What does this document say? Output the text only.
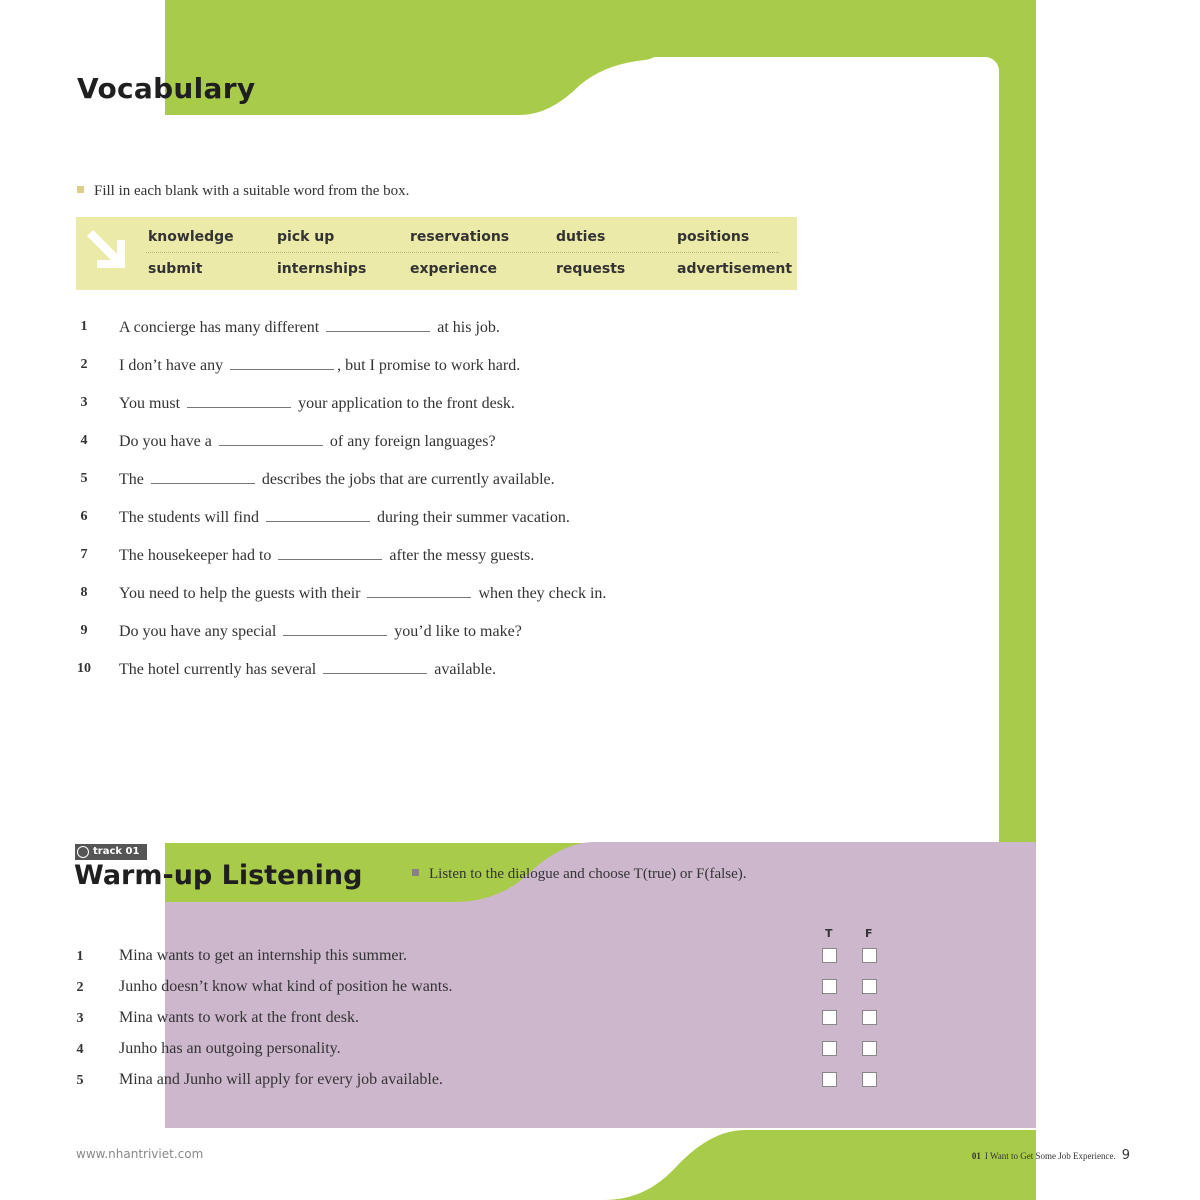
Vocabulary
Fill in each blank with a suitable word from the box.
knowledge	pick up	reservations	duties	positions
submit	internships	experience	requests	advertisement
1	A concierge has many different	at his job.
2	I don’t have any	, but I promise to work hard.
3	You must	your application to the front desk.
4	Do you have a	of any foreign languages?
5	The	describes the jobs that are currently available.
6	The students will find	during their summer vacation.
7	The housekeeper had to	after the messy guests.
8	You need to help the guests with their	when they check in.
9	Do you have any special	you’d like to make?
10	The hotel currently has several	available.
track 01
Warm-up Listening	Listen to the dialogue and choose T(true) or F(false).
T	F
1	Mina wants to get an internship this summer.
2	Junho doesn’t know what kind of position he wants.
3	Mina wants to work at the front desk.
4	Junho has an outgoing personality.
5	Mina and Junho will apply for every job available.
www.nhantriviet.com	01 I Want to Get Some Job Experience. 9
